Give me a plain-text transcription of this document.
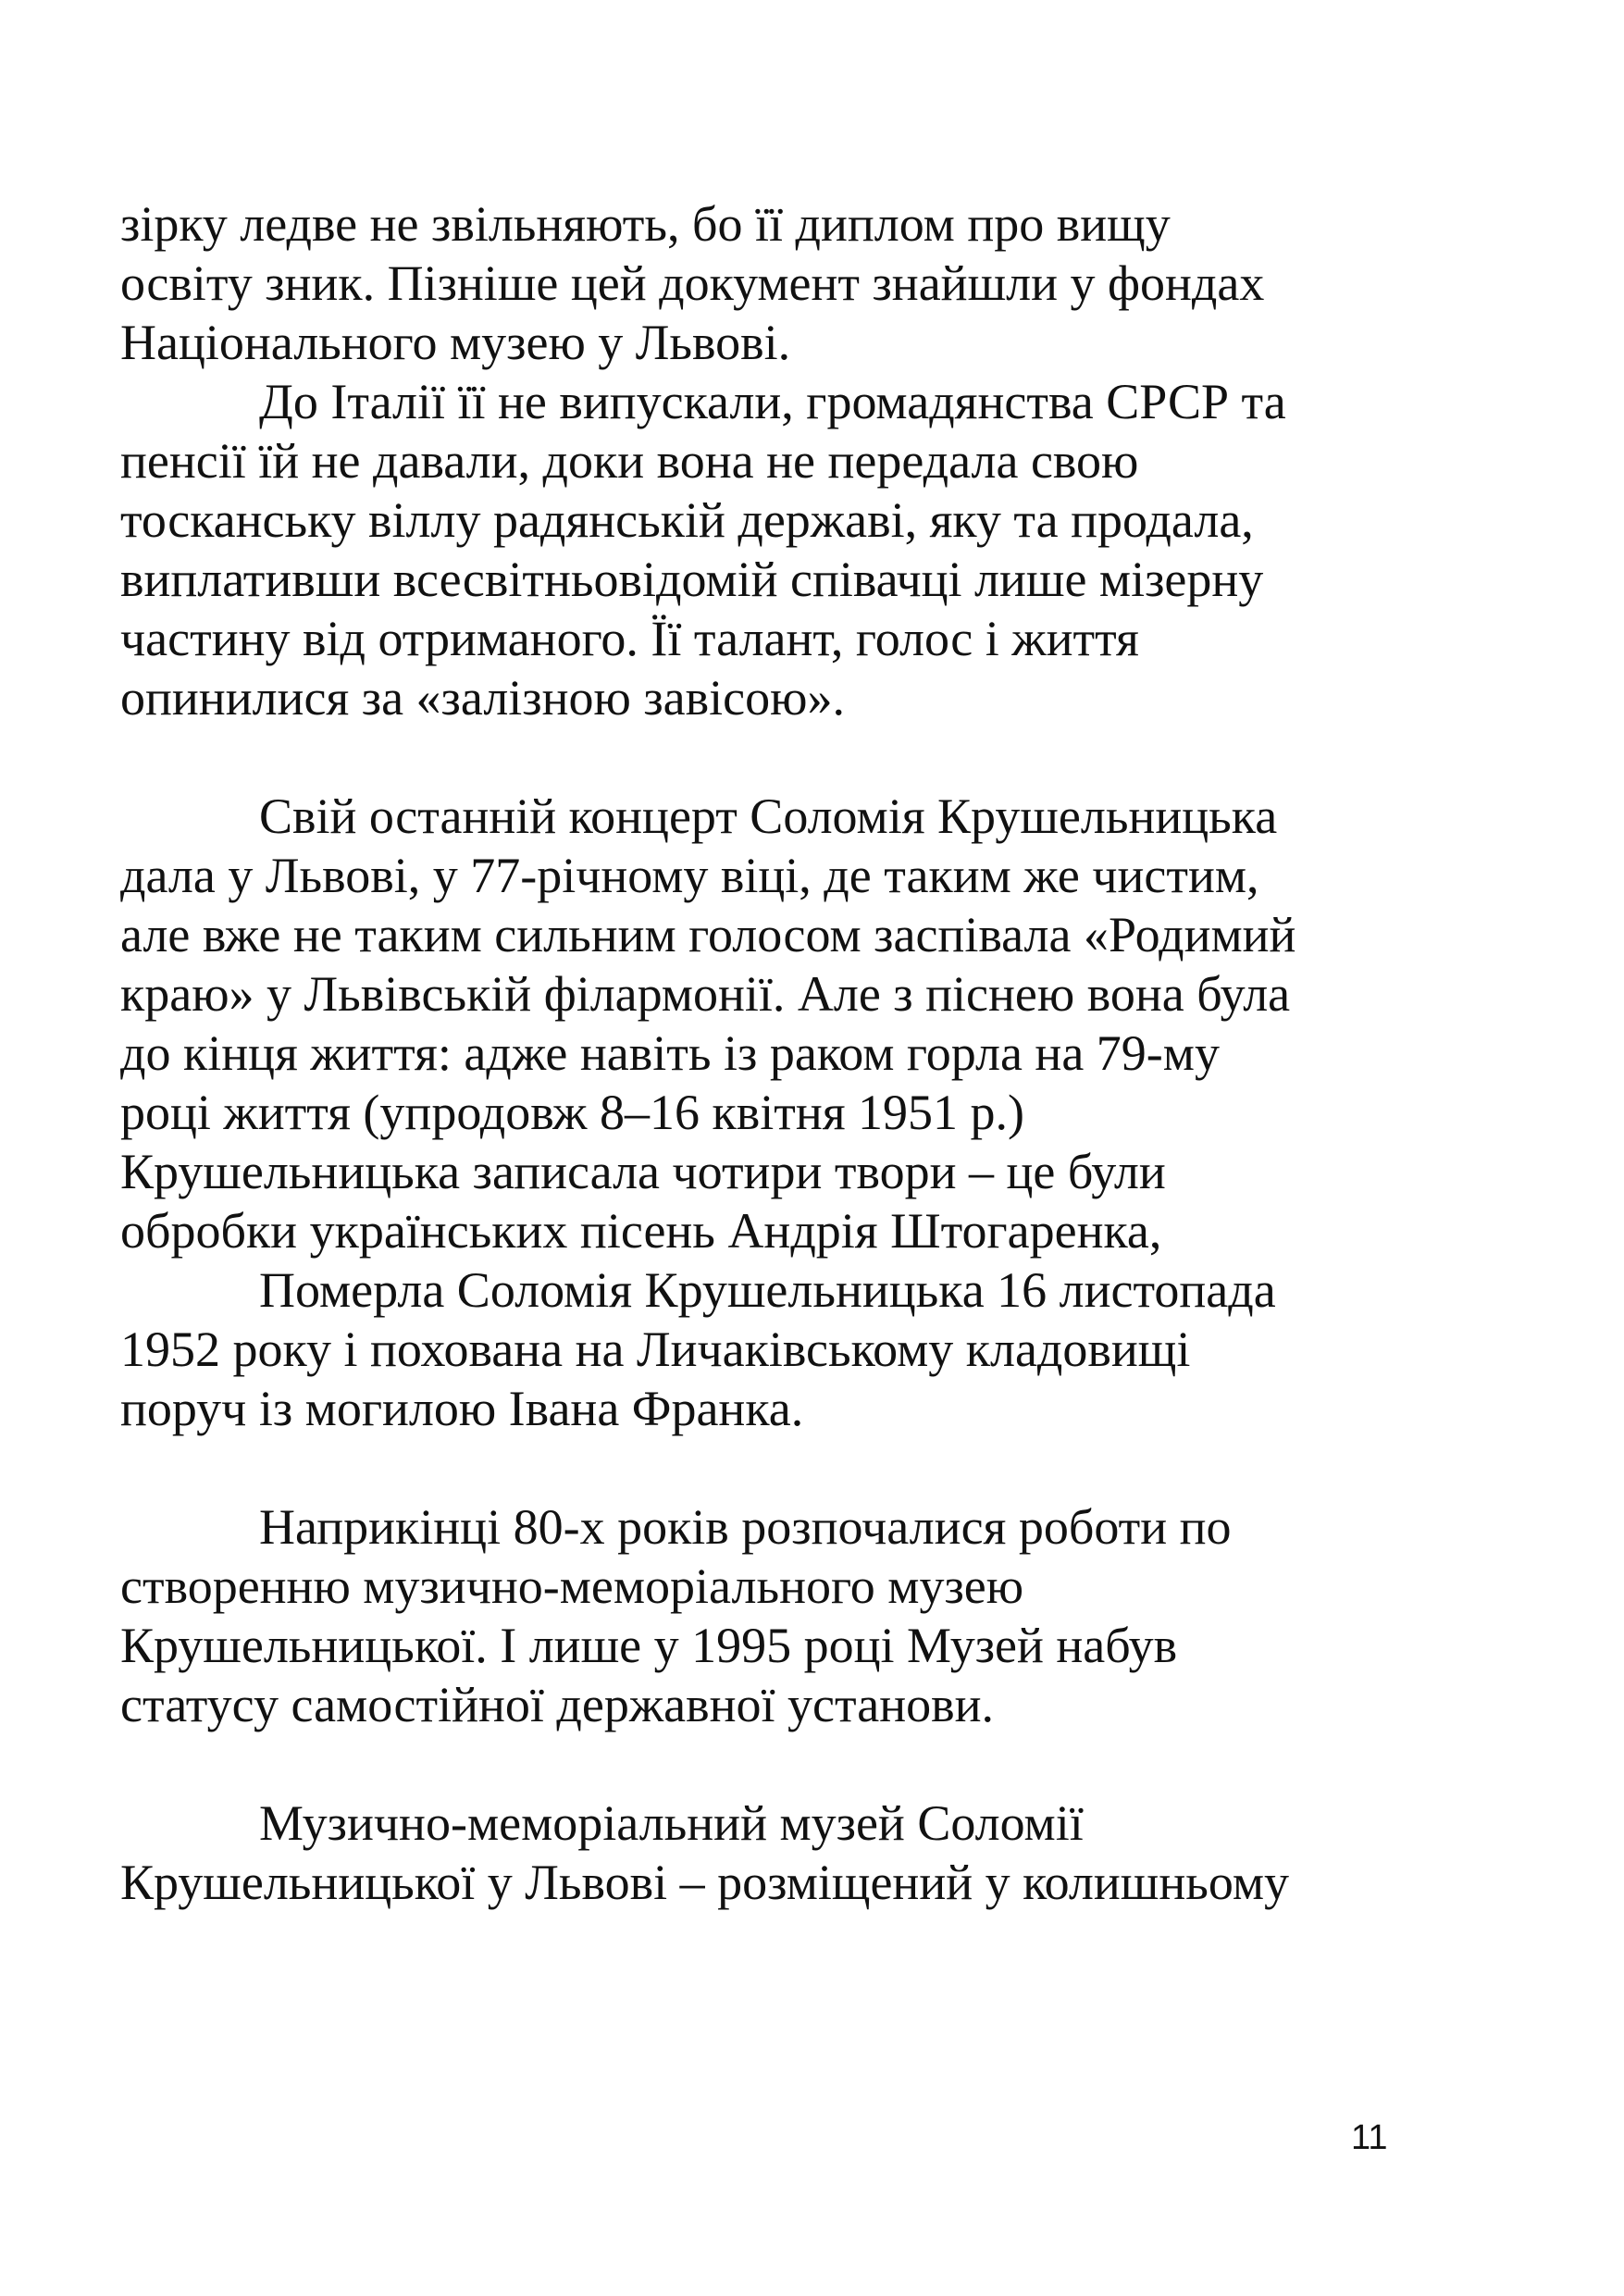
зірку ледве не звільняють, бо її диплом про вищу
освіту зник. Пізніше цей документ знайшли у фондах
Національного музею у Львові.
До Італії її не випускали, громадянства СРСР та
пенсії їй не давали, доки вона не передала свою
тосканську віллу радянській державі, яку та продала,
виплативши всесвітньовідомій співачці лише мізерну
частину від отриманого. Її талант, голос і життя
опинилися за «залізною завісою».
Свій останній концерт Соломія Крушельницька
дала у Львові, у 77-річному віці, де таким же чистим,
але вже не таким сильним голосом заспівала «Родимий
краю» у Львівській філармонії. Але з піснею вона була
до кінця життя: адже навіть із раком горла на 79-му
році життя (упродовж 8–16 квітня 1951 р.)
Крушельницька записала чотири твори – це були
обробки українських пісень Андрія Штогаренка,
Померла Соломія Крушельницька 16 листопада
1952 року і похована на Личаківському кладовищі
поруч із могилою Івана Франка.
Наприкінці 80-х років розпочалися роботи по
створенню музично-меморіального музею
Крушельницької. І лише у 1995 році Музей набув
статусу самостійної державної установи.
Музично-меморіальний музей Соломії
Крушельницької у Львові – розміщений у колишньому
11
